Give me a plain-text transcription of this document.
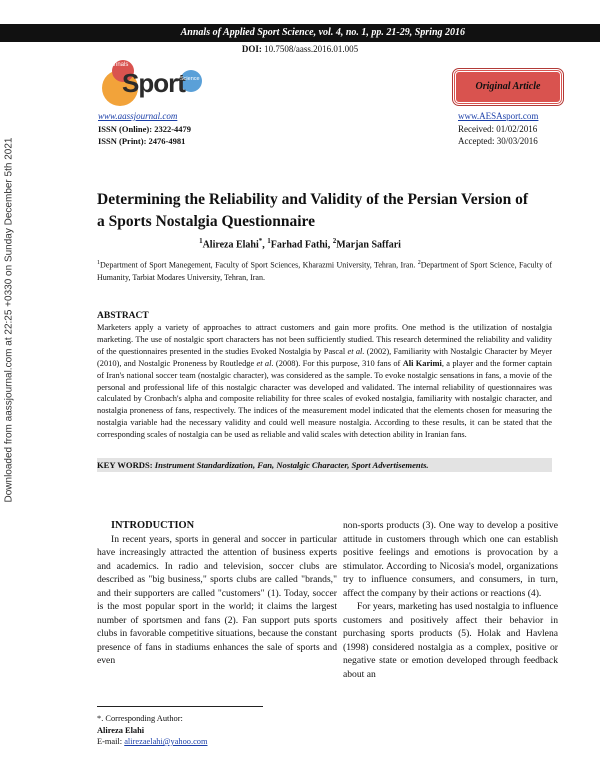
Annals of Applied Sport Science, vol. 4, no. 1, pp. 21-29, Spring 2016
DOI: 10.7508/aass.2016.01.005
Annals
Sport
Science
www.aassjournal.com
ISSN (Online): 2322-4479
ISSN (Print): 2476-4981
Original Article
www.AESAsport.com
Received: 01/02/2016
Accepted: 30/03/2016
Downloaded from aassjournal.com at 22:25 +0330 on Sunday December 5th 2021	Determining the Reliability and Validity of the Persian Version of a Sports Nostalgia Questionnaire
$^1$Alireza Elahi*, $^1$Farhad Fathi, $^2$Marjan Saffari
$^1$Department of Sport Manegement, Faculty of Sport Sciences, Kharazmi University, Tehran, Iran. $^2$Department of Sport Science, Faculty of Humanity, Tarbiat Modares University, Tehran, Iran.
ABSTRACT
Marketers apply a variety of approaches to attract customers and gain more profits. One method is the utilization of nostalgia marketing. The use of nostalgic sport characters has not been sufficiently studied. This research determined the reliability and validity of the questionnaires presented in the studies Evoked Nostalgia by Pascal et al. (2002), Familiarity with Nostalgic Character by Meyer (2010), and Nostalgic Proneness by Routledge et al. (2008). For this purpose, 310 fans of Ali Karimi, a player and the former captain of Iran's national soccer team (nostalgic character), was considered as the sample. To evoke nostalgic sensations in fans, a movie of the personal and professional life of this nostalgic character was developed and validated. The internal reliability of questionnaires was calculated by Cronbach's alpha and composite reliability for three scales of evoked nostalgia, familiarity with nostalgic character, and nostalgia proneness of fans, respectively. The indices of the measurement model indicated that the elements chosen for measuring the nostalgia variable had the necessary validity and could well measure nostalgia. According to these results, it can be stated that the corresponding scales of nostalgia can be used as reliable and valid scales with detection ability in Iranian fans.
KEY WORDS: Instrument Standardization, Fan, Nostalgic Character, Sport Advertisements.
INTRODUCTION

In recent years, sports in general and soccer in particular have increasingly attracted the attention of business experts and academics. In radio and television, soccer clubs are described as "big business," sports clubs are called "brands," and their supporters are called "customers" (1). Today, soccer is the most popular sport in the world; it claims the largest number of sportsmen and fans (2). Fan support puts sports clubs in favorable competitive situations, because the constant presence of fans in stadiums enhances the sale of sports and even

non-sports products (3). One way to develop a positive attitude in customers through which one can establish positive feelings and emotions is provocation by a stimulator. According to Nicosia's model, organizations try to influence consumers, and consumers, in turn, affect the company by their actions or reactions (4).

For years, marketing has used nostalgia to influence customers and positively affect their behavior in purchasing sports products (5). Holak and Havlena (1998) considered nostalgia as a complex, positive or negative state or emotion developed through feedback about an

*. Corresponding Author:
Alireza Elahi
E-mail: alirezaelahi@yahoo.com
